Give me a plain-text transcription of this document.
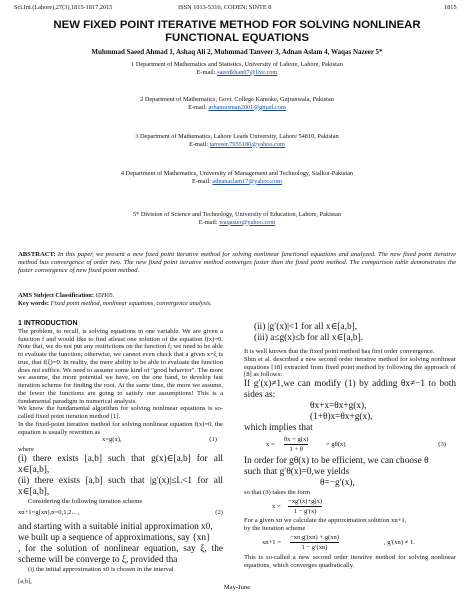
Sci.Int.(Lahore),27(3),1815-1817,2015	ISSN 1013-5316; CODEN: SINTE 8	1815
NEW FIXED POINT ITERATIVE METHOD FOR SOLVING NONLINEAR
FUNCTIONAL EQUATIONS
Muhmmad Saeed Ahmad 1, Ashaq Ali 2, Muhmmad Tanveer 3, Adnan Aslam 4, Waqas Nazeer 5*
1 Department of Mathematics and Statistics, University of Lahore, Lahore, Pakistan
E-mail: saeedkhan07@live.com
2 Department of Mathematics, Govt. College Kamoke, Gujranwala, Pakistan
E-mail: arhamusman2001@gmail.com
3 Department of Mathematics, Lahore Leads University, Lahore 54810, Pakistan
E-mail: tanveer.7955180@yahoo.com
4 Department of Mathematics, University of Management and Technology, Sialkot-Pakistan
E-mail: adnanaslam17@yahoo.com
5* Division of Science and Technology, University of Education, Lahore, Pakistan
E-mail: waqaster@yahoo.com
ABSTRACT: In this paper, we present a new fixed point iterative method for solving nonlinear functional equations and analyzed. The new fixed point iterative method has convergence of order two. The new fixed point iterative method converges faster than the fixed point method. The comparison table demonstrates the faster convergence of new fixed point method.
AMS Subject Classification: 65H05.
Key words: Fixed point method, nonlinear equations, convergence analysis.
1 INTRODUCTION

The problem, to recall, is solving equations in one variable. We are given a function f and would like to find atleast one solution of the equation f(x)=0. Note that, we do not put any restrictions on the function f; we need to be able to evaluate the function; otherwise, we cannot even check that a given x=ξ is true, that f(ξ)=0. In reality, the mere ability to be able to evaluate the function does not suffice. We need to assume some kind of "good behavior". The more we assume, the more potential we have, on the one hand, to develop fast iteration scheme for finding the root. At the same time, the more we assume, the fewer the functions are going to satisfy our assumptions! This is a fundamental paradigm in numerical analysis.

We know the fundamental algorithm for solving nonlinear equations is so-called fixed point iteration method [1].

In the fixed-point iteration method for solving nonlinear equation f(x)=0, the equation is usually rewritten as

x=g(x),	(1)

where

(i) there exists [a,b] such that g(x)∈[a,b] for all x∈[a,b],

(ii) there exists [a,b] such that |g′(x)|≤L<1 for all x∈[a,b],

Considering the following iteration scheme

xn+1=g(xn),n=0,1,2…,	(2)

and starting with a suitable initial approximation x0,

we built up a sequence of approximations, say {xn}

, for the solution of nonlinear equation, say ξ, the scheme will be converge to ξ, provided tha

(i) the initial approximation x0 is chosen in the interval

[a,b],

(ii) |g′(x)|<1 for all x∈[a,b],

(iii) a≤g(x)≤b for all x∈[a,b].

It is well known that the fixed point method has first order convergence.

Shin et al. described a new second order iterative method for solving nonlinear equations [18] extracted from fixed point method by following the approach of [8] as follows:

If g′(x)≠1,we can modify (1) by adding θx≠−1 to both sides as:

θx+x=θx+g(x),

(1+θ)x=θx+g(x),

which implies that

$x = \frac{\theta x + g(x)}{1 + \theta}$	= gθ(x)	(3)

In order for gθ(x) to be efficient, we can choose θ

such that g′θ(x)=0,we yields

θ=−g′(x),

so that (3) takes the form

$x = \frac{-xg'(x)+g(x)}{1 - g'(x)}$

For a given xn we calculate the approximation solution xn+1,

by the iteration scheme

$xn+1 = \frac{\text{−xn g′(xn) + g(xn)}}{1 - g'(xn)}$	, g′(xn) ≠ 1.

This is so-called a new second order iterative method for solving nonlinear equations, which converges quadratically.

May-June
